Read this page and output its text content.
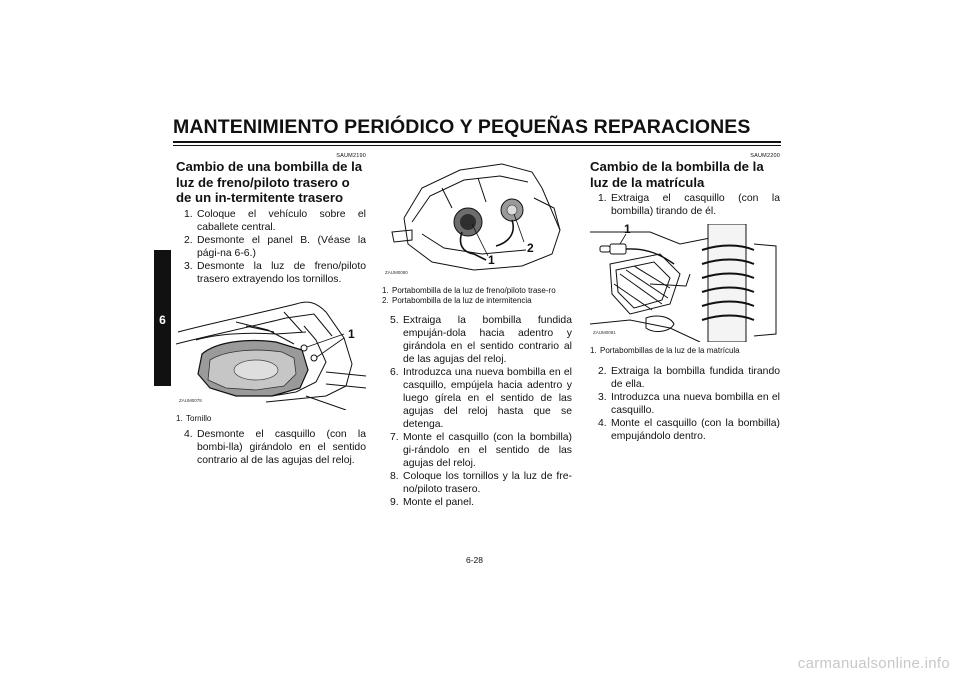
MANTENIMIENTO PERIÓDICO Y PEQUEÑAS REPARACIONES
6
SAUM2190
Cambio de una bombilla de la luz de freno/piloto trasero o de un in-termitente trasero
1. Coloque el vehículo sobre el caballete central.
2. Desmonte el panel B. (Véase la pági-na 6-6.)
3. Desmonte la luz de freno/piloto trasero extrayendo los tornillos.
1
ZAUM0078
1. Tornillo
4. Desmonte el casquillo (con la bombi-lla) girándolo en el sentido contrario al de las agujas del reloj.
1
2
ZAUM0080
1. Portabombilla de la luz de freno/piloto trase-ro
2. Portabombilla de la luz de intermitencia
5. Extraiga la bombilla fundida empuján-dola hacia adentro y girándola en el sentido contrario al de las agujas del reloj.
6. Introduzca una nueva bombilla en el casquillo, empújela hacia adentro y luego gírela en el sentido de las agujas del reloj hasta que se detenga.
7. Monte el casquillo (con la bombilla) gi-rándolo en el sentido de las agujas del reloj.
8. Coloque los tornillos y la luz de fre-no/piloto trasero.
9. Monte el panel.
SAUM2200
Cambio de la bombilla de la luz de la matrícula
1. Extraiga el casquillo (con la bombilla) tirando de él.
1
ZAUM0081
1. Portabombillas de la luz de la matrícula
2. Extraiga la bombilla fundida tirando de ella.
3. Introduzca una nueva bombilla en el casquillo.
4. Monte el casquillo (con la bombilla) empujándolo dentro.
6-28
carmanualsonline.info
